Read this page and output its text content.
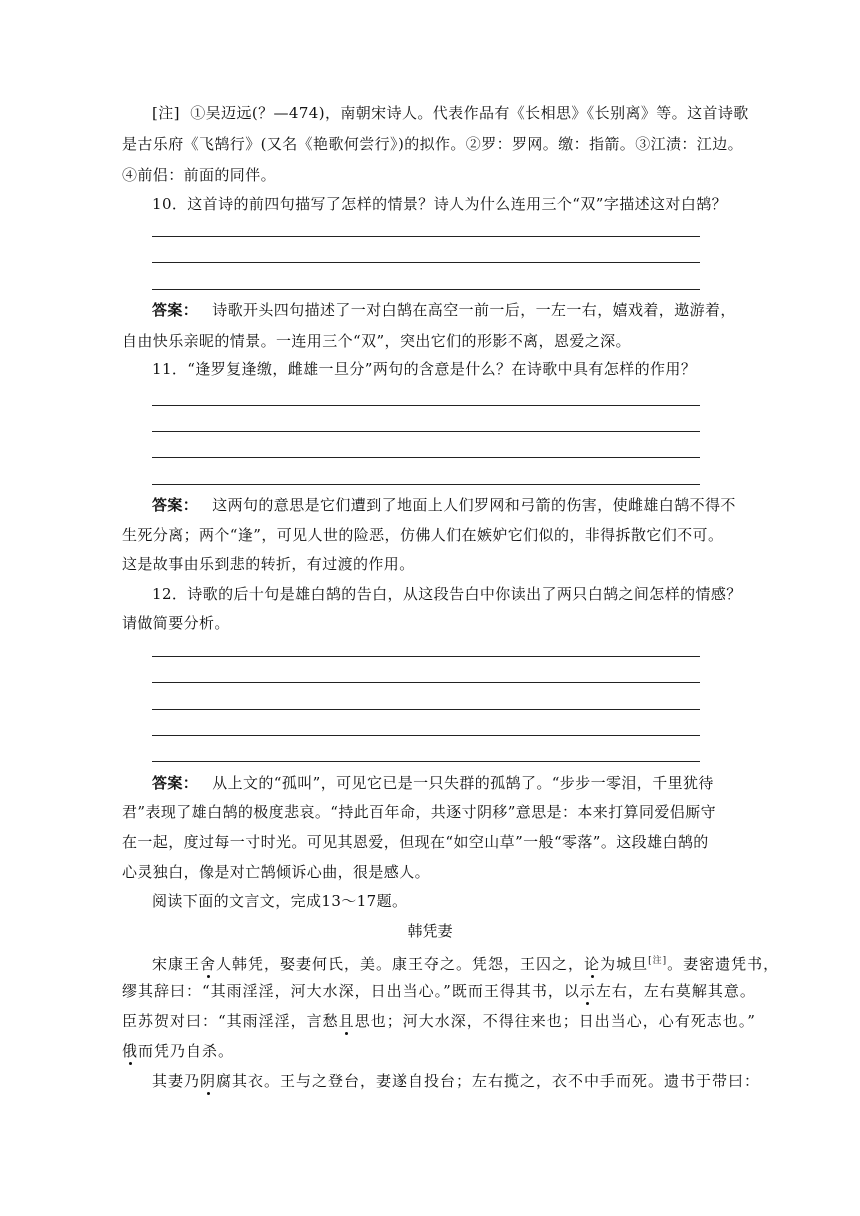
[注] ①吴迈远(？—474)，南朝宋诗人。代表作品有《长相思》《长别离》等。这首诗歌
是古乐府《飞鹄行》(又名《艳歌何尝行》)的拟作。②罗：罗网。缴：指箭。③江渍：江边。
④前侣：前面的同伴。
10．这首诗的前四句描写了怎样的情景？诗人为什么连用三个“双”字描述这对白鹄？
答案： 诗歌开头四句描述了一对白鹄在高空一前一后，一左一右，嬉戏着，遨游着，
自由快乐亲昵的情景。一连用三个“双”，突出它们的形影不离，恩爱之深。
11．“逢罗复逢缴，雌雄一旦分”两句的含意是什么？在诗歌中具有怎样的作用？
答案： 这两句的意思是它们遭到了地面上人们罗网和弓箭的伤害，使雌雄白鹄不得不
生死分离；两个“逢”，可见人世的险恶，仿佛人们在嫉妒它们似的，非得拆散它们不可。
这是故事由乐到悲的转折，有过渡的作用。
12．诗歌的后十句是雄白鹄的告白，从这段告白中你读出了两只白鹄之间怎样的情感？
请做简要分析。
答案： 从上文的“孤叫”，可见它已是一只失群的孤鹄了。“步步一零泪，千里犹待
君”表现了雄白鹄的极度悲哀。“持此百年命，共逐寸阴移”意思是：本来打算同爱侣厮守
在一起，度过每一寸时光。可见其恩爱，但现在“如空山草”一般“零落”。这段雄白鹄的
心灵独白，像是对亡鹄倾诉心曲，很是感人。
阅读下面的文言文，完成13～17题。
韩凭妻
宋康王舍人韩凭，娶妻何氏，美。康王夺之。凭怨，王囚之，论为城旦[注]。妻密遗凭书，
缪其辞曰：“其雨淫淫，河大水深，日出当心。”既而王得其书，以示左右，左右莫解其意。
臣苏贺对曰：“其雨淫淫，言愁且思也；河大水深，不得往来也；日出当心，心有死志也。”
俄而凭乃自杀。
其妻乃阴腐其衣。王与之登台，妻遂自投台；左右揽之，衣不中手而死。遗书于带曰：
